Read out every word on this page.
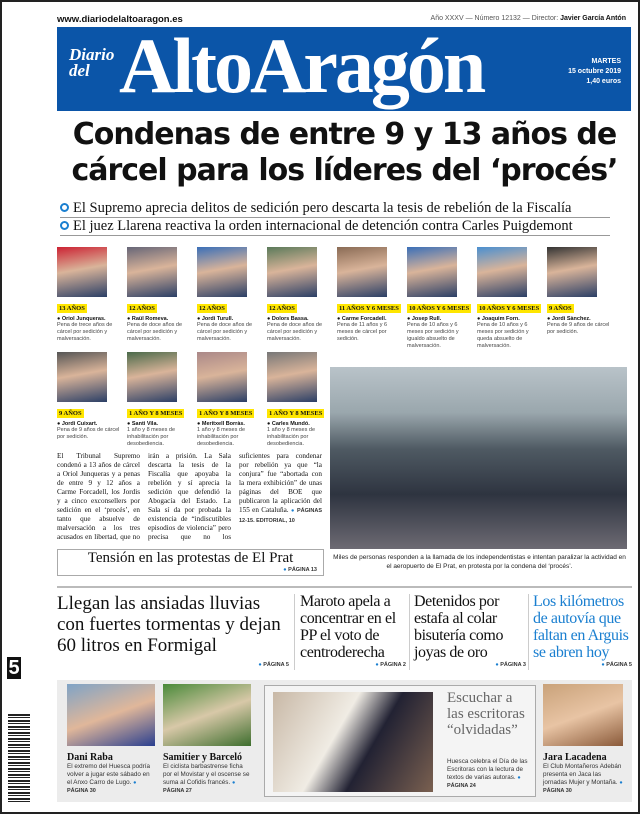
www.diariodelaltoaragon.es	Año XXXV — Número 12132 — Director: Javier García Antón
Diario
del AltoAragón	MARTES
15 octubre 2019
1,40 euros
Condenas de entre 9 y 13 años de cárcel para los líderes del ‘procés’
El Supremo aprecia delitos de sedición pero descarta la tesis de rebelión de la Fiscalía
El juez Llarena reactiva la orden internacional de detención contra Carles Puigdemont
13 AÑOS
● Oriol Junqueras.
Pena de trece años de cárcel por sedición y malversación.
12 AÑOS
● Raül Romeva.
Pena de doce años de cárcel por sedición y malversación.
12 AÑOS
● Jordi Turull.
Pena de doce años de cárcel por sedición y malversación.
12 AÑOS
● Dolors Bassa.
Pena de doce años de cárcel por sedición y malversación.
11 AÑOS Y 6 MESES
● Carme Forcadell.
Pena de 11 años y 6 meses de cárcel por sedición.
10 AÑOS Y 6 MESES
● Josep Rull.
Pena de 10 años y 6 meses por sedición y igualdo absuelto de malversación.
10 AÑOS Y 6 MESES
● Joaquim Forn.
Pena de 10 años y 6 meses por sedición y queda absuelto de malversación.
9 AÑOS
● Jordi Sànchez.
Pena de 9 años de cárcel por sedición.
9 AÑOS
● Jordi Cuixart.
Pena de 9 años de cárcel por sedición.
1 AÑO Y 8 MESES
● Santi Vila.
1 año y 8 meses de inhabilitación por desobediencia.
1 AÑO Y 8 MESES
● Meritxell Borràs.
1 año y 8 meses de inhabilitación por desobediencia.
1 AÑO Y 8 MESES
● Carles Mundó.
1 año y 8 meses de inhabilitación por desobediencia.
Miles de personas responden a la llamada de los independentistas e intentan paralizar la actividad en el aeropuerto de El Prat, en protesta por la condena del ‘procés’.
El Tribunal Supremo condenó a 13 años de cárcel a Oriol Junqueras y a penas de entre 9 y 12 años a Carme Forcadell, los Jordis y a cinco exconsellers por sedición en el ‘procés’, en tanto que absuelve de malversación a los tres acusados en libertad, que no irán a prisión. La Sala descarta la tesis de la Fiscalía que apoyaba la rebelión y sí aprecia la sedición que defendió la Abogacía del Estado. La Sala sí da por probada la existencia de “indiscutibles episodios de violencia” pero precisa que no los suficientes para condenar por rebelión ya que “la conjura” fue “abortada con la mera exhibición” de unas páginas del BOE que publicaron la aplicación del 155 en Cataluña. ● PÁGINAS 12-15. EDITORIAL, 10
Tensión en las protestas de El Prat
● PÁGINA 13
Llegan las ansiadas lluvias con fuertes tormentas y dejan 60 litros en Formigal
● PÁGINA 5
Maroto apela a concentrar en el PP el voto de centroderecha
● PÁGINA 2
Detenidos por estafa al colar bisutería como joyas de oro
● PÁGINA 3
Los kilómetros de autovía que faltan en Arguis se abren hoy
● PÁGINA 5
Dani Raba

El extremo del Huesca podría volver a jugar este sábado en el Anxo Carro de Lugo. ● PÁGINA 30

Samitier y Barceló

El ciclista barbastrense ficha por el Movistar y el oscense se suma al Cofidis francés. ● PÁGINA 27

Escuchar a las escritoras “olvidadas”
Huesca celebra el Día de las Escritoras con la lectura de textos de varias autoras. ● PÁGINA 24
Jara Lacadena

El Club Montañeros Adebán presenta en Jaca las jornadas Mujer y Montaña. ● PÁGINA 30

5
